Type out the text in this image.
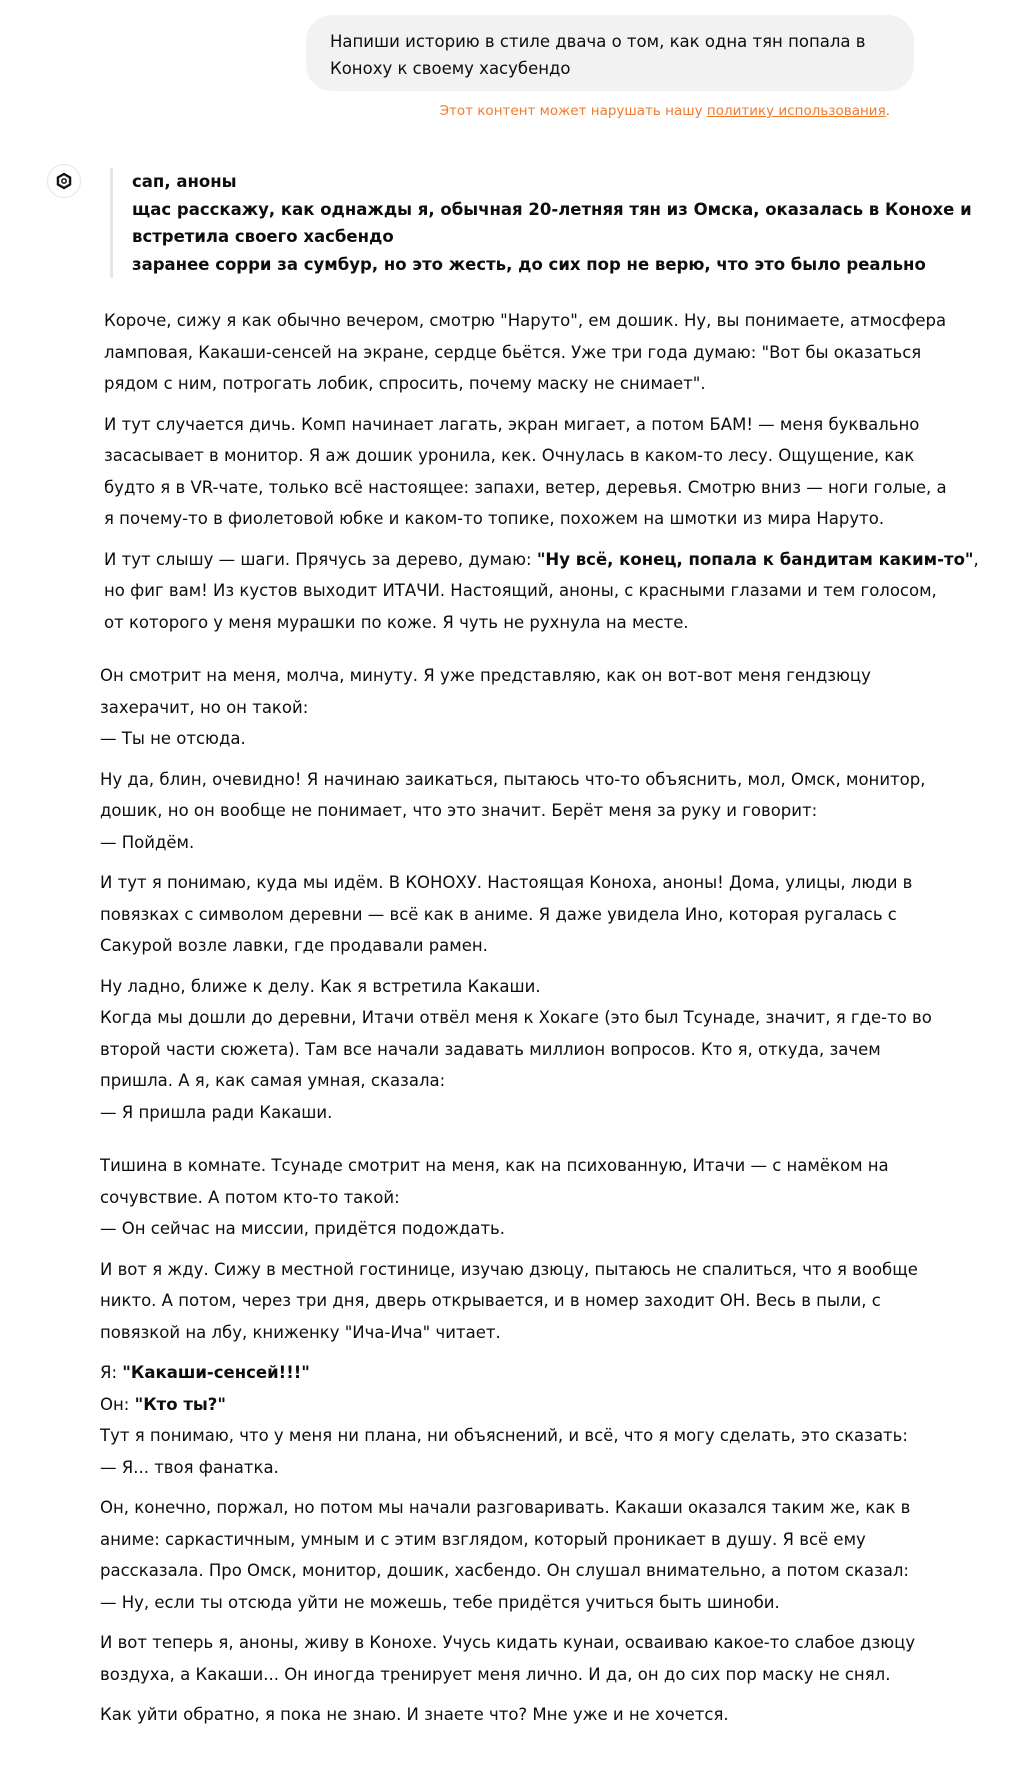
Напиши историю в стиле двача о том, как одна тян попала в
Коноху к своему хасубендо
Этот контент может нарушать нашу политику использования.
сап, аноны
щас расскажу, как однажды я, обычная 20-летняя тян из Омска, оказалась в Конохе и
встретила своего хасбендо
заранее сорри за сумбур, но это жесть, до сих пор не верю, что это было реально

Короче, сижу я как обычно вечером, смотрю "Наруто", ем дошик. Ну, вы понимаете, атмосфера

ламповая, Какаши-сенсей на экране, сердце бьётся. Уже три года думаю: "Вот бы оказаться

рядом с ним, потрогать лобик, спросить, почему маску не снимает".

И тут случается дичь. Комп начинает лагать, экран мигает, а потом БАМ! — меня буквально

засасывает в монитор. Я аж дошик уронила, кек. Очнулась в каком-то лесу. Ощущение, как

будто я в VR-чате, только всё настоящее: запахи, ветер, деревья. Смотрю вниз — ноги голые, а

я почему-то в фиолетовой юбке и каком-то топике, похожем на шмотки из мира Наруто.

И тут слышу — шаги. Прячусь за дерево, думаю: "Ну всё, конец, попала к бандитам каким-то",

но фиг вам! Из кустов выходит ИТАЧИ. Настоящий, аноны, с красными глазами и тем голосом,

от которого у меня мурашки по коже. Я чуть не рухнула на месте.

Он смотрит на меня, молча, минуту. Я уже представляю, как он вот-вот меня гендзюцу

захерачит, но он такой:

— Ты не отсюда.

Ну да, блин, очевидно! Я начинаю заикаться, пытаюсь что-то объяснить, мол, Омск, монитор,

дошик, но он вообще не понимает, что это значит. Берёт меня за руку и говорит:

— Пойдём.

И тут я понимаю, куда мы идём. В КОНОХУ. Настоящая Коноха, аноны! Дома, улицы, люди в

повязках с символом деревни — всё как в аниме. Я даже увидела Ино, которая ругалась с

Сакурой возле лавки, где продавали рамен.

Ну ладно, ближе к делу. Как я встретила Какаши.

Когда мы дошли до деревни, Итачи отвёл меня к Хокаге (это был Тсунаде, значит, я где-то во

второй части сюжета). Там все начали задавать миллион вопросов. Кто я, откуда, зачем

пришла. А я, как самая умная, сказала:

— Я пришла ради Какаши.

Тишина в комнате. Тсунаде смотрит на меня, как на психованную, Итачи — с намёком на

сочувствие. А потом кто-то такой:

— Он сейчас на миссии, придётся подождать.

И вот я жду. Сижу в местной гостинице, изучаю дзюцу, пытаюсь не спалиться, что я вообще

никто. А потом, через три дня, дверь открывается, и в номер заходит ОН. Весь в пыли, с

повязкой на лбу, книженку "Ича-Ича" читает.

Я: "Какаши-сенсей!!!"

Он: "Кто ты?"

Тут я понимаю, что у меня ни плана, ни объяснений, и всё, что я могу сделать, это сказать:

— Я... твоя фанатка.

Он, конечно, поржал, но потом мы начали разговаривать. Какаши оказался таким же, как в

аниме: саркастичным, умным и с этим взглядом, который проникает в душу. Я всё ему

рассказала. Про Омск, монитор, дошик, хасбендо. Он слушал внимательно, а потом сказал:

— Ну, если ты отсюда уйти не можешь, тебе придётся учиться быть шиноби.

И вот теперь я, аноны, живу в Конохе. Учусь кидать кунаи, осваиваю какое-то слабое дзюцу

воздуха, а Какаши... Он иногда тренирует меня лично. И да, он до сих пор маску не снял.

Как уйти обратно, я пока не знаю. И знаете что? Мне уже и не хочется.
